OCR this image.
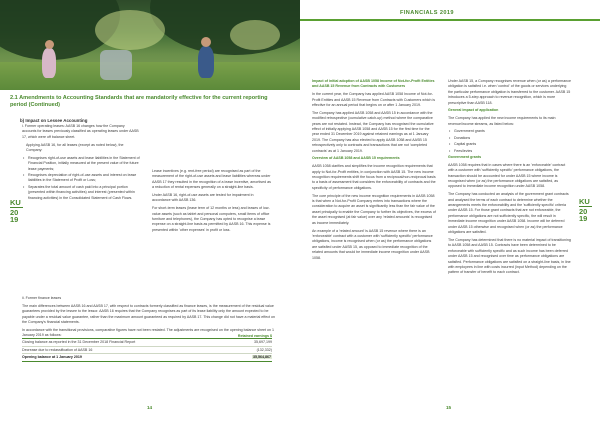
FINANCIALS 2019
2.1 Amendments to Accounting Standards that are mandatorily effective for the current reporting period (Continued)
b) Impact on Lessee Accounting
KU
20
19

i. Former operating leases: AASB 16 changes how the Company accounts for leases previously classified as operating leases under AASB 17, which were off balance sheet.

Applying AASB 16, for all leases (except as noted below), the Company:

• Recognises right-of-use assets and lease liabilities in the Statement of Financial Position, initially measured at the present value of the future lease payments;
• Recognises depreciation of right-of-use assets and interest on lease liabilities in the Statement of Profit or Loss;
• Separates the total amount of cash paid into a principal portion (presented within financing activities) and interest (presented within financing activities) in the Consolidated Statement of Cash Flows.

Lease incentives (e.g. rent-free period) are recognised as part of the measurement of the right-of-use assets and lease liabilities whereas under AASB 17 they resulted in the recognition of a lease incentive, amortised as a reduction of rental expenses generally on a straight-line basis.

Under AASB 16, right-of-use assets are tested for impairment in accordance with AASB 136.

For short-term leases (lease term of 12 months or less) and leases of low-value assets (such as tablet and personal computers, small items of office furniture and telephones), the Company has opted to recognise a lease expense on a straight-line basis as permitted by AASB 16. This expense is presented within 'other expenses' in profit or loss.

ii. Former finance leases

The main differences between AASB 16 and AASB 17, with respect to contracts formerly classified as finance leases, is the measurement of the residual value guarantees provided by the lessee to the lessor. AASB 16 requires that the Company recognises as part of its lease liability only the amount expected to be payable under a residual value guarantee, rather than the maximum amount guaranteed as required by AASB 17. This change did not have a material effect on the Company's financial statements.

In accordance with the transitional provisions, comparative figures have not been restated. The adjustments are recognised on the opening balance sheet on 1 January 2019 as follows:	Retained earnings $
Closing balance as reported in the 31 December 2018 Financial Report	35,697,199
Decrease due to reclassification of AASB 16	(132,332)
Opening balance at 1 January 2019	35,564,867
14

Impact of initial adoption of AASB 1058 Income of Not-for-Profit Entities and AASB 15 Revenue from Contracts with Customers

In the current year, the Company has applied AASB 1058 Income of Not-for-Profit Entities and AASB 15 Revenue from Contracts with Customers which is effective for an annual period that begins on or after 1 January 2019.

The Company has applied AASB 1058 and AASB 15 in accordance with the modified retrospective (cumulative catch-up) method where the comparative years are not restated. Instead, the Company has recognised the cumulative effect of initially applying AASB 1058 and AASB 15 for the first time for the year ended 31 December 2019 against retained earnings as at 1 January 2019. The Company has also elected to apply AASB 1058 and AASB 15 retrospectively only to contracts and transactions that are not 'completed contracts' as at 1 January 2019.

Overview of AASB 1058 and AASB 15 requirements

AASB 1058 clarifies and simplifies the income recognition requirements that apply to Not-for-Profit entities, in conjunction with AASB 15. The new income recognition requirements shift the focus from a reciprocal/non-reciprocal basis to a basis of assessment that considers the enforceability of contracts and the specificity of performance obligations.

The core principle of the new income recognition requirements in AASB 1058 is that when a Not-for-Profit Company enters into transactions where the consideration to acquire an asset is significantly less than the fair value of the asset principally to enable the Company to further its objectives, the excess of the asset recognised (at fair value) over any 'related amounts' is recognised as income immediately.

An example of a 'related amount' is AASB 15 revenue where there is an 'enforceable' contract with a customer with 'sufficiently specific' performance obligations, income is recognised when (or as) the performance obligations are satisfied under AASB 15, as opposed to immediate recognition of the related amounts that would be immediate income recognition under AASB 1058.

Under AASB 15, a Company recognises revenue when (or as) a performance obligation is satisfied i.e. when 'control' of the goods or services underlying the particular performance obligation is transferred to the customer. AASB 15 introduces a 5-step approach to revenue recognition, which is more prescriptive than AASB 118.

General impact of application

The Company has applied the new income requirements to its main revenue/income streams, as listed below:

• Government grants
• Donations
• Capital grants
• Fees/levies

Government grants

AASB 1058 requires that in cases where there is an 'enforceable' contract with a customer with 'sufficiently specific' performance obligations, the transaction should be accounted for under AASB 15 where income is recognised when (or as) the performance obligations are satisfied, as opposed to immediate income recognition under AASB 1058.

The Company has conducted an analysis of the government grant contracts and analysed the terms of each contract to determine whether the arrangements meets the enforceability and the 'sufficiently specific' criteria under AASB 15. For those grant contracts that are not enforceable, the performance obligations are not sufficiently specific, the will result in immediate income recognition under AASB 1058. Income will be deferred under AASB 15 otherwise and recognised when (or as) the performance obligations are satisfied.

The Company has determined that there is no material impact of transitioning to AASB 1058 and AASB 15. Contracts have been determined to be enforceable with sufficiently specific and as such income has been deferred under AASB 15 and recognised over time as performance obligations are satisfied. Performance obligations are satisfied on a straight-line basis, in line with employees in line with costs incurred (input Method) depending on the pattern of transfer of benefit to each contract.

KU
20
19
15
